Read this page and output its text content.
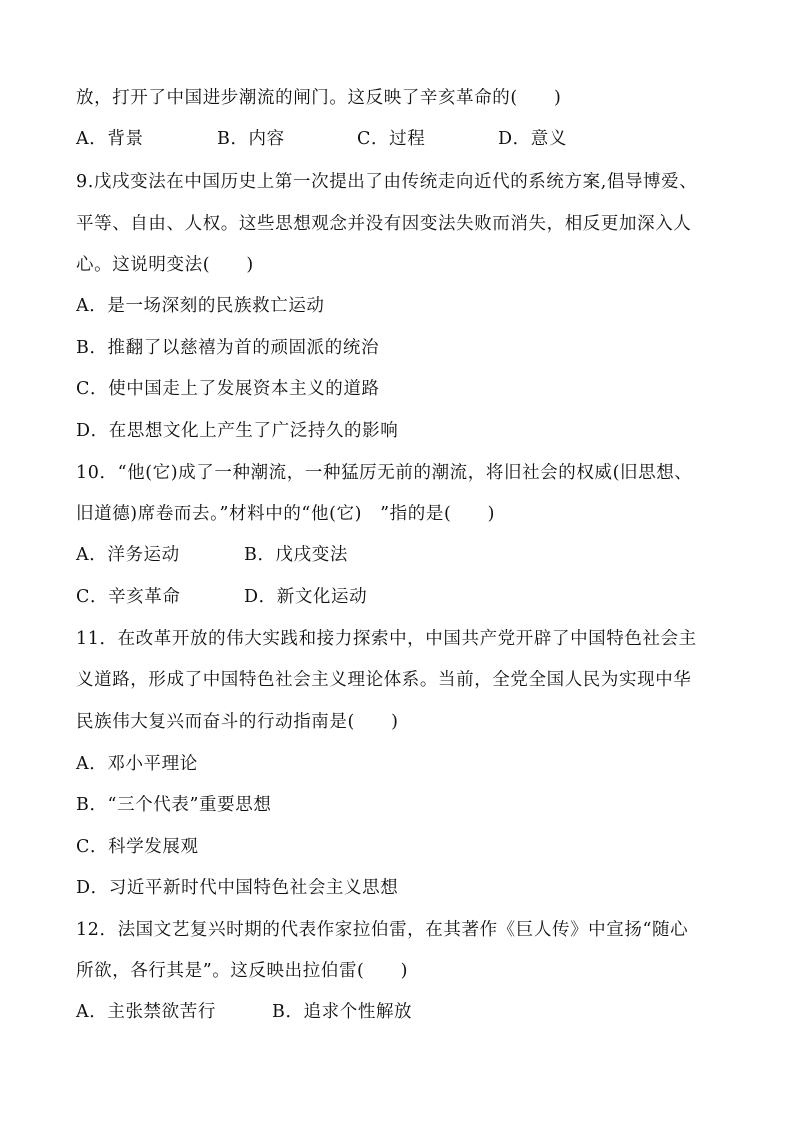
放，打开了中国进步潮流的闸门。这反映了辛亥革命的(　　)
A．背景	B．内容	C．过程	D．意义
9.戊戌变法在中国历史上第一次提出了由传统走向近代的系统方案,倡导博爱、
平等、自由、人权。这些思想观念并没有因变法失败而消失，相反更加深入人
心。这说明变法(　　)
A．是一场深刻的民族救亡运动
B．推翻了以慈禧为首的顽固派的统治
C．使中国走上了发展资本主义的道路
D．在思想文化上产生了广泛持久的影响
10．“他(它)成了一种潮流，一种猛厉无前的潮流，将旧社会的权威(旧思想、
旧道德)席卷而去。”材料中的“他(它)　”指的是(　　)
A．洋务运动	B．戊戌变法
C．辛亥革命	D．新文化运动
11．在改革开放的伟大实践和接力探索中，中国共产党开辟了中国特色社会主
义道路，形成了中国特色社会主义理论体系。当前，全党全国人民为实现中华
民族伟大复兴而奋斗的行动指南是(　　)
A．邓小平理论
B．“三个代表”重要思想
C．科学发展观
D．习近平新时代中国特色社会主义思想
12．法国文艺复兴时期的代表作家拉伯雷，在其著作《巨人传》中宣扬“随心
所欲，各行其是”。这反映出拉伯雷(　　)
A．主张禁欲苦行	B．追求个性解放
